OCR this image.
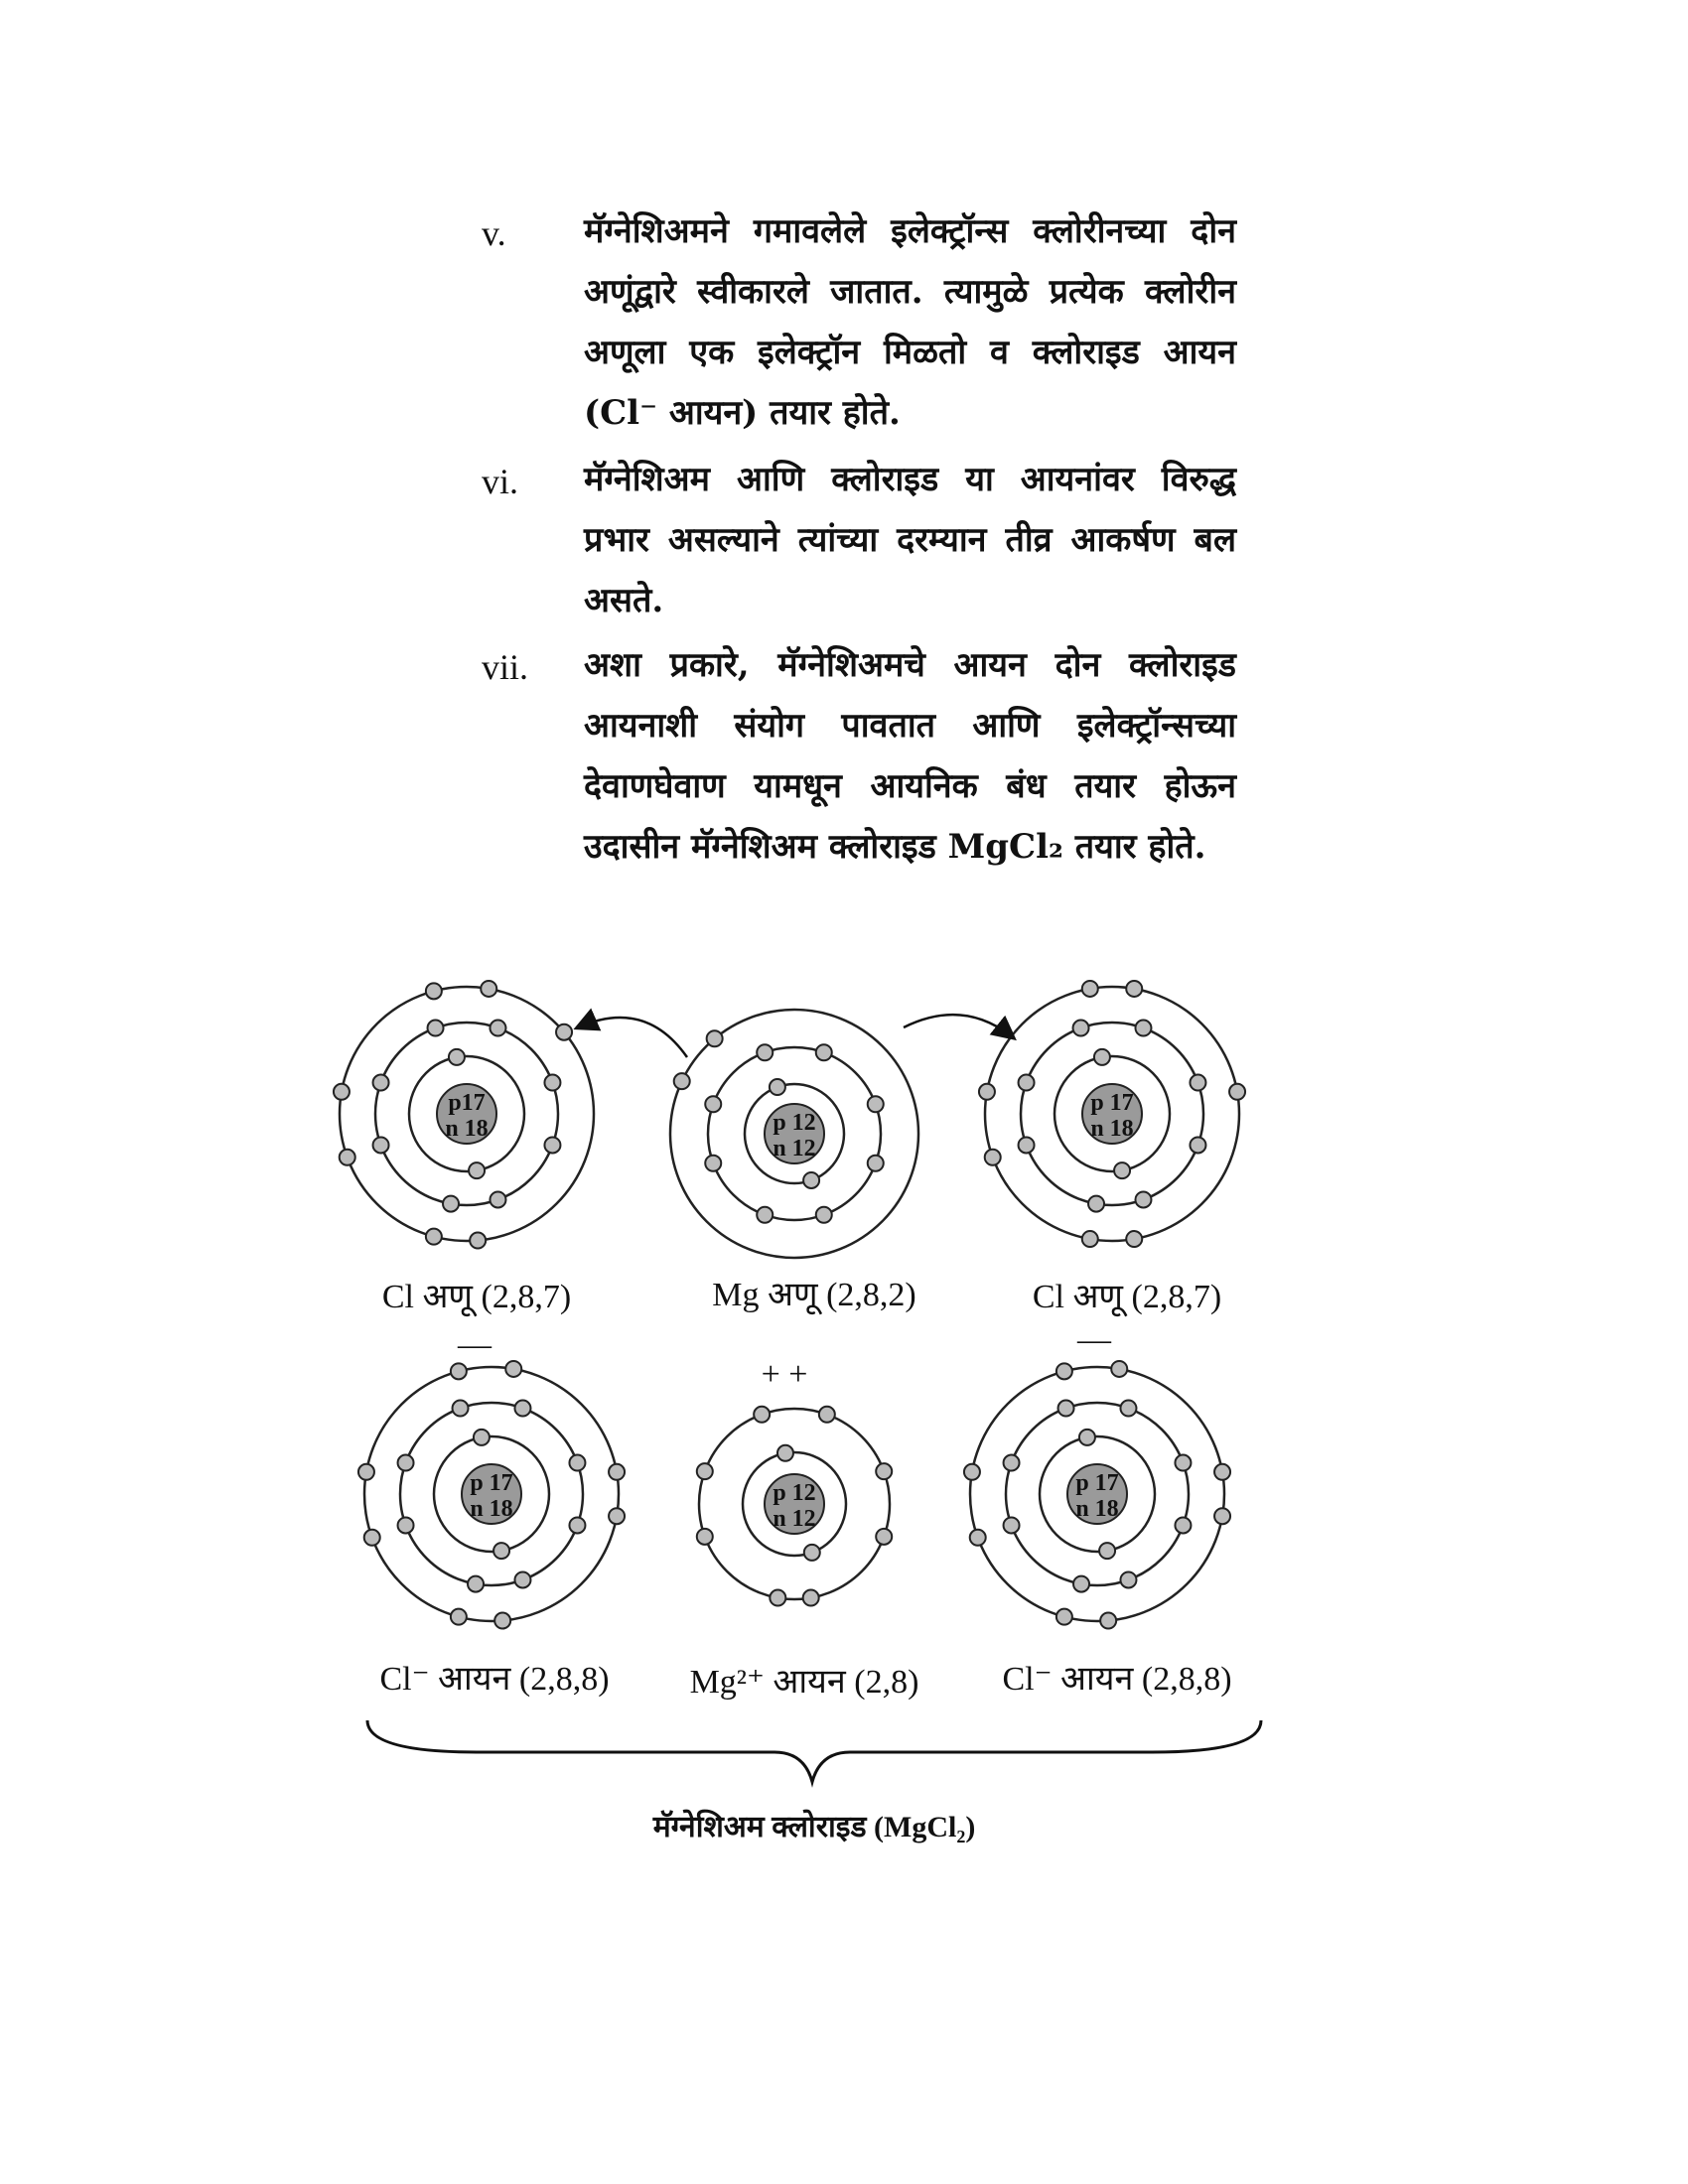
v. मॅग्नेशिअमने गमावलेले इलेक्ट्रॉन्स क्लोरीनच्या दोन अणूंद्वारे स्वीकारले जातात. त्यामुळे प्रत्येक क्लोरीन अणूला एक इलेक्ट्रॉन मिळतो व क्लोराइड आयन (Cl⁻ आयन) तयार होते.
vi. मॅग्नेशिअम आणि क्लोराइड या आयनांवर विरुद्ध प्रभार असल्याने त्यांच्या दरम्यान तीव्र आकर्षण बल असते.
vii. अशा प्रकारे, मॅग्नेशिअमचे आयन दोन क्लोराइड आयनाशी संयोग पावतात आणि इलेक्ट्रॉन्सच्या देवाणघेवाण यामधून आयनिक बंध तयार होऊन उदासीन मॅग्नेशिअम क्लोराइड MgCl₂ तयार होते.
p17
n 18	p 12
n 12
p 17
n 18
p 17
n 18
p 12
n 12
p 17
n 18
Cl अणू (2,8,7)	Mg अणू (2,8,2)	Cl अणू (2,8,7)
Cl⁻ आयन (2,8,8) Mg²⁺ आयन (2,8) Cl⁻ आयन (2,8,8)
—
+ +
—
मॅग्नेशिअम क्लोराइड (MgCl₂)
